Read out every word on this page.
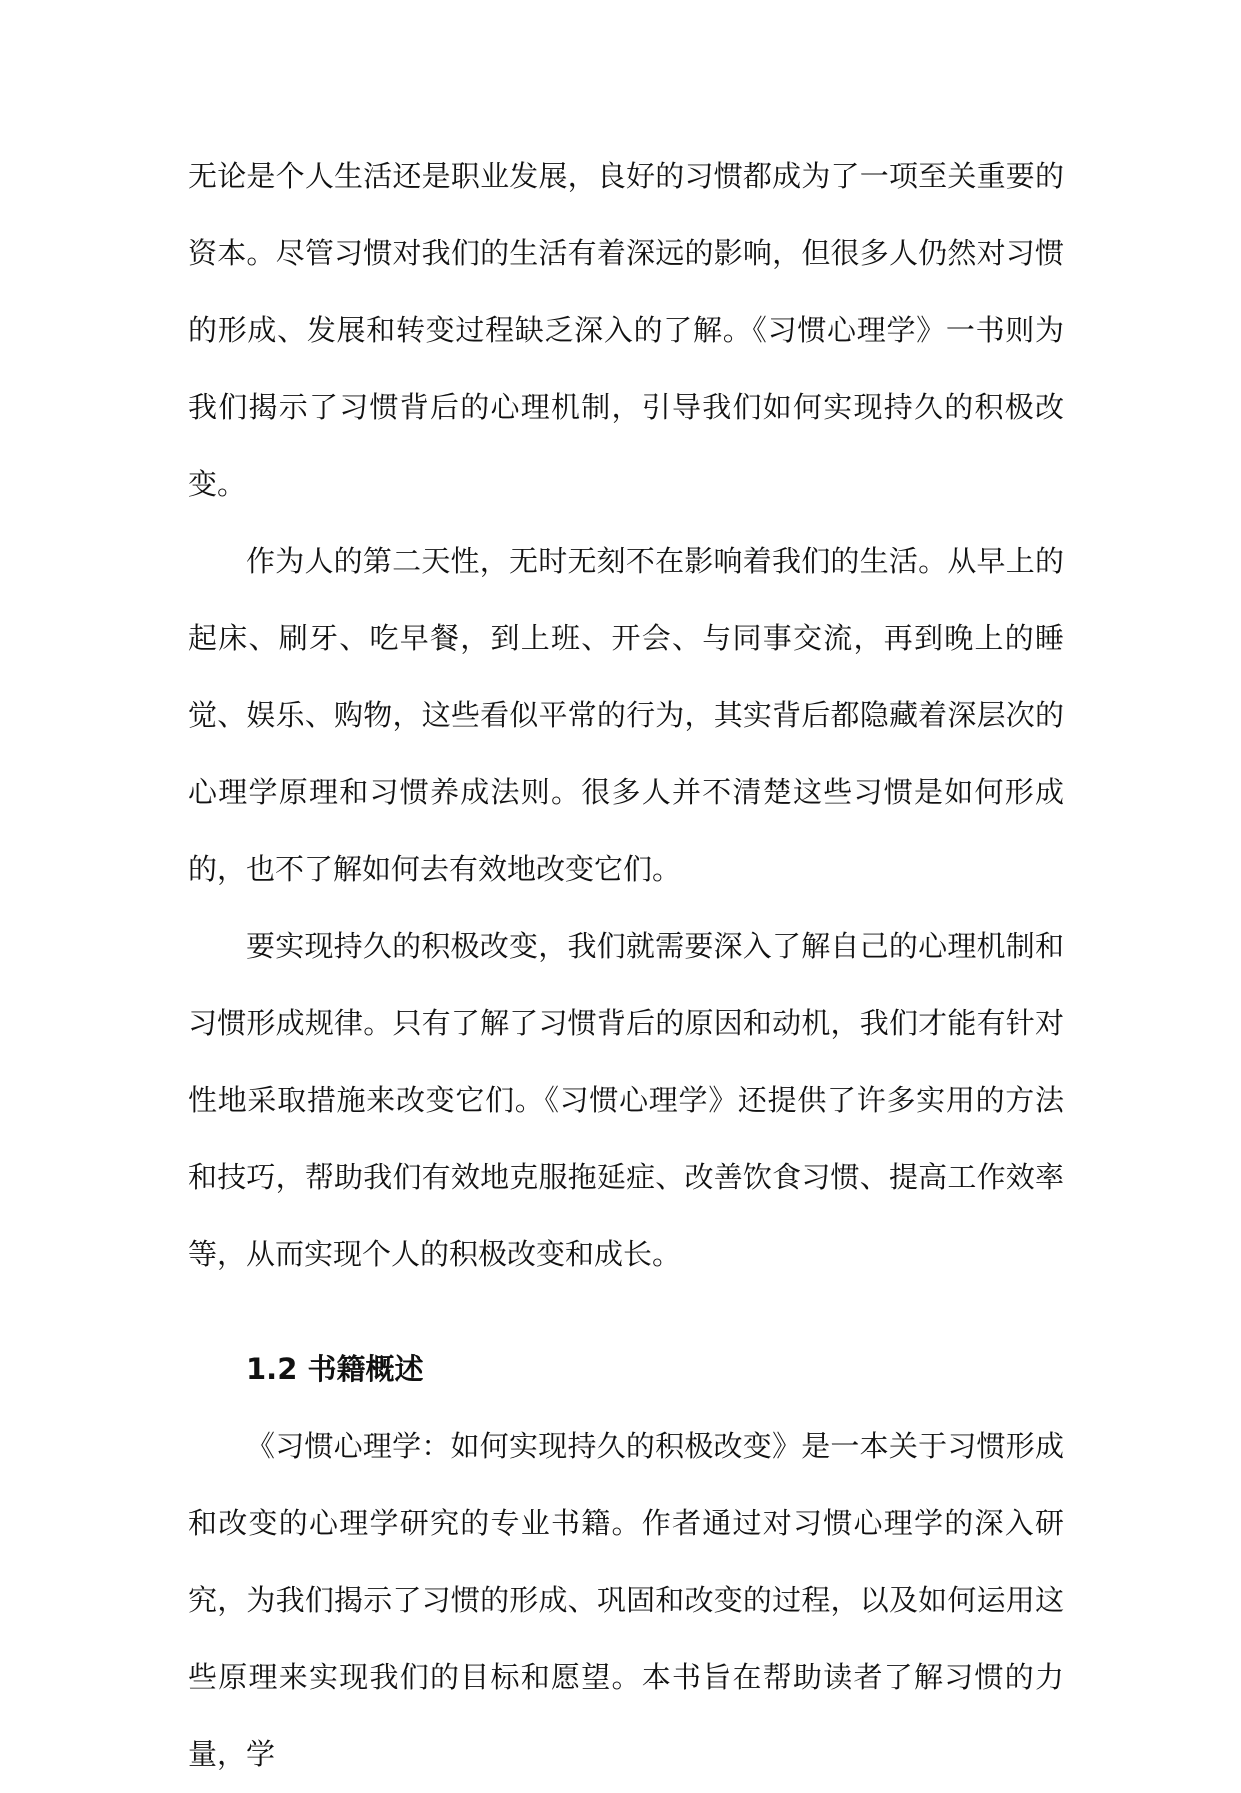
无论是个人生活还是职业发展，良好的习惯都成为了一项至关重要的资本。尽管习惯对我们的生活有着深远的影响，但很多人仍然对习惯的形成、发展和转变过程缺乏深入的了解。《习惯心理学》一书则为我们揭示了习惯背后的心理机制，引导我们如何实现持久的积极改变。

作为人的第二天性，无时无刻不在影响着我们的生活。从早上的起床、刷牙、吃早餐，到上班、开会、与同事交流，再到晚上的睡觉、娱乐、购物，这些看似平常的行为，其实背后都隐藏着深层次的心理学原理和习惯养成法则。很多人并不清楚这些习惯是如何形成的，也不了解如何去有效地改变它们。

要实现持久的积极改变，我们就需要深入了解自己的心理机制和习惯形成规律。只有了解了习惯背后的原因和动机，我们才能有针对性地采取措施来改变它们。《习惯心理学》还提供了许多实用的方法和技巧，帮助我们有效地克服拖延症、改善饮食习惯、提高工作效率等，从而实现个人的积极改变和成长。

1.2 书籍概述

《习惯心理学：如何实现持久的积极改变》是一本关于习惯形成和改变的心理学研究的专业书籍。作者通过对习惯心理学的深入研究，为我们揭示了习惯的形成、巩固和改变的过程，以及如何运用这些原理来实现我们的目标和愿望。本书旨在帮助读者了解习惯的力量，学
